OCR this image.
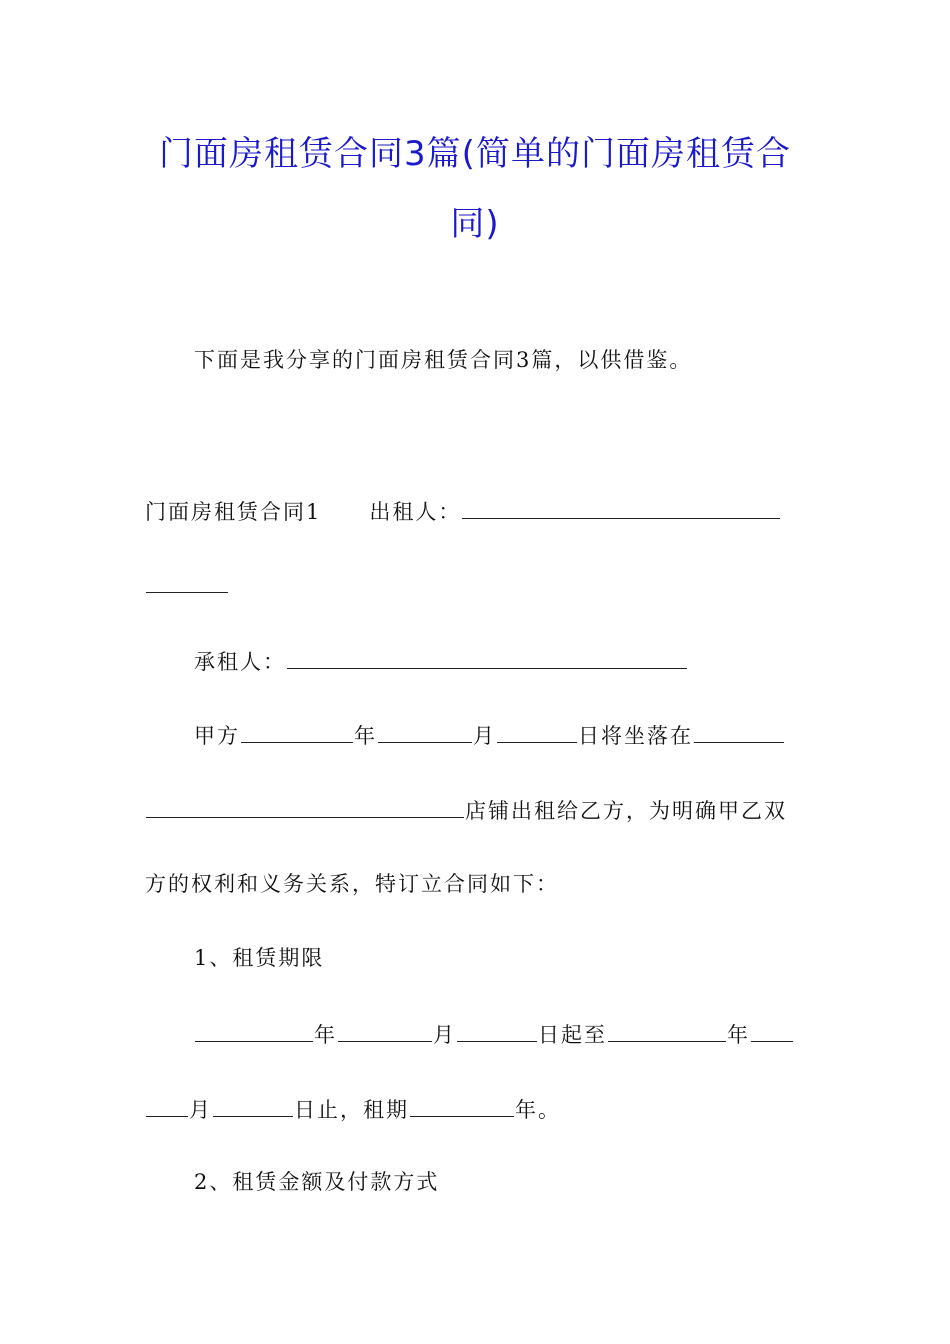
门面房租赁合同3篇(简单的门面房租赁合
同)
下面是我分享的门面房租赁合同3篇，以供借鉴。
门面房租赁合同1 出租人：
承租人：
甲方	年	月	日将坐落在
店铺出租给乙方，为明确甲乙双
方的权利和义务关系，特订立合同如下：
1、租赁期限
年	月	日起至	年
月	日止，租期	年。
2、租赁金额及付款方式
